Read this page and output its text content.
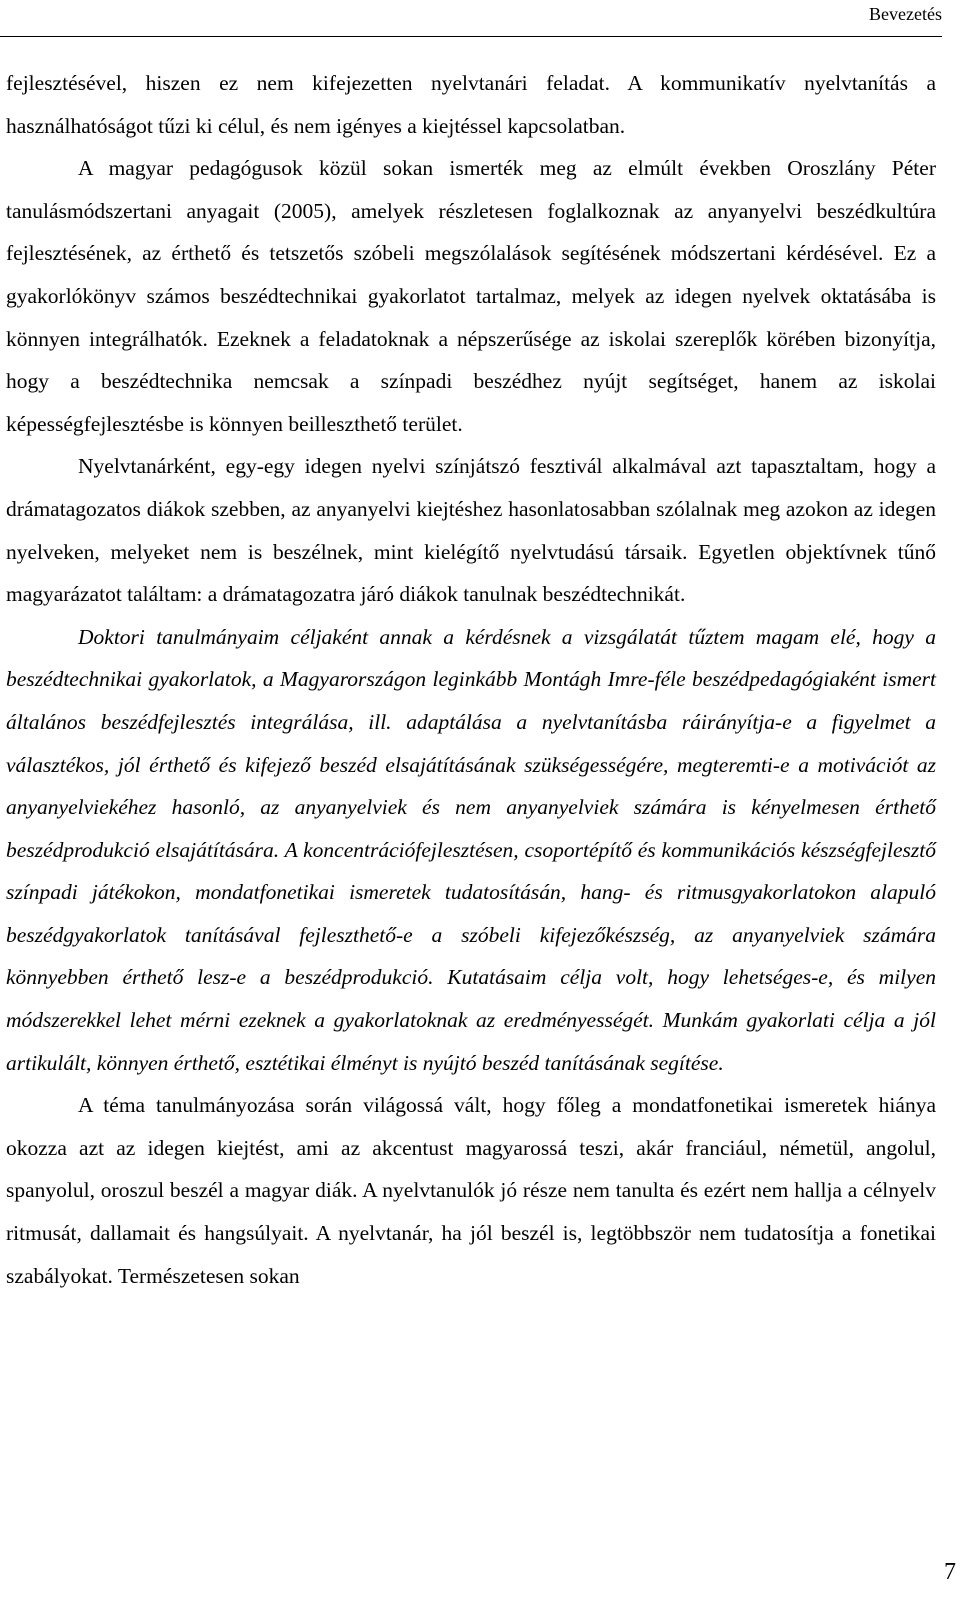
Bevezetés

fejlesztésével, hiszen ez nem kifejezetten nyelvtanári feladat. A kommunikatív nyelvtanítás a használhatóságot tűzi ki célul, és nem igényes a kiejtéssel kapcsolatban.

A magyar pedagógusok közül sokan ismerték meg az elmúlt években Oroszlány Péter tanulásmódszertani anyagait (2005), amelyek részletesen foglalkoznak az anyanyelvi beszédkultúra fejlesztésének, az érthető és tetszetős szóbeli megszólalások segítésének módszertani kérdésével. Ez a gyakorlókönyv számos beszédtechnikai gyakorlatot tartalmaz, melyek az idegen nyelvek oktatásába is könnyen integrálhatók. Ezeknek a feladatoknak a népszerűsége az iskolai szereplők körében bizonyítja, hogy a beszédtechnika nemcsak a színpadi beszédhez nyújt segítséget, hanem az iskolai képességfejlesztésbe is könnyen beilleszthető terület.

Nyelvtanárként, egy-egy idegen nyelvi színjátszó fesztivál alkalmával azt tapasztaltam, hogy a drámatagozatos diákok szebben, az anyanyelvi kiejtéshez hasonlatosabban szólalnak meg azokon az idegen nyelveken, melyeket nem is beszélnek, mint kielégítő nyelvtudású társaik. Egyetlen objektívnek tűnő magyarázatot találtam: a drámatagozatra járó diákok tanulnak beszédtechnikát.

Doktori tanulmányaim céljaként annak a kérdésnek a vizsgálatát tűztem magam elé, hogy a beszédtechnikai gyakorlatok, a Magyarországon leginkább Montágh Imre-féle beszédpedagógiaként ismert általános beszédfejlesztés integrálása, ill. adaptálása a nyelvtanításba ráirányítja-e a figyelmet a választékos, jól érthető és kifejező beszéd elsajátításának szükségességére, megteremti-e a motivációt az anyanyelviekéhez hasonló, az anyanyelviek és nem anyanyelviek számára is kényelmesen érthető beszédprodukció elsajátítására. A koncentrációfejlesztésen, csoportépítő és kommunikációs készségfejlesztő színpadi játékokon, mondatfonetikai ismeretek tudatosításán, hang- és ritmusgyakorlatokon alapuló beszédgyakorlatok tanításával fejleszthető-e a szóbeli kifejezőkészség, az anyanyelviek számára könnyebben érthető lesz-e a beszédprodukció. Kutatásaim célja volt, hogy lehetséges-e, és milyen módszerekkel lehet mérni ezeknek a gyakorlatoknak az eredményességét. Munkám gyakorlati célja a jól artikulált, könnyen érthető, esztétikai élményt is nyújtó beszéd tanításának segítése.

A téma tanulmányozása során világossá vált, hogy főleg a mondatfonetikai ismeretek hiánya okozza azt az idegen kiejtést, ami az akcentust magyarossá teszi, akár franciául, németül, angolul, spanyolul, oroszul beszél a magyar diák. A nyelvtanulók jó része nem tanulta és ezért nem hallja a célnyelv ritmusát, dallamait és hangsúlyait. A nyelvtanár, ha jól beszél is, legtöbbször nem tudatosítja a fonetikai szabályokat. Természetesen sokan

7
